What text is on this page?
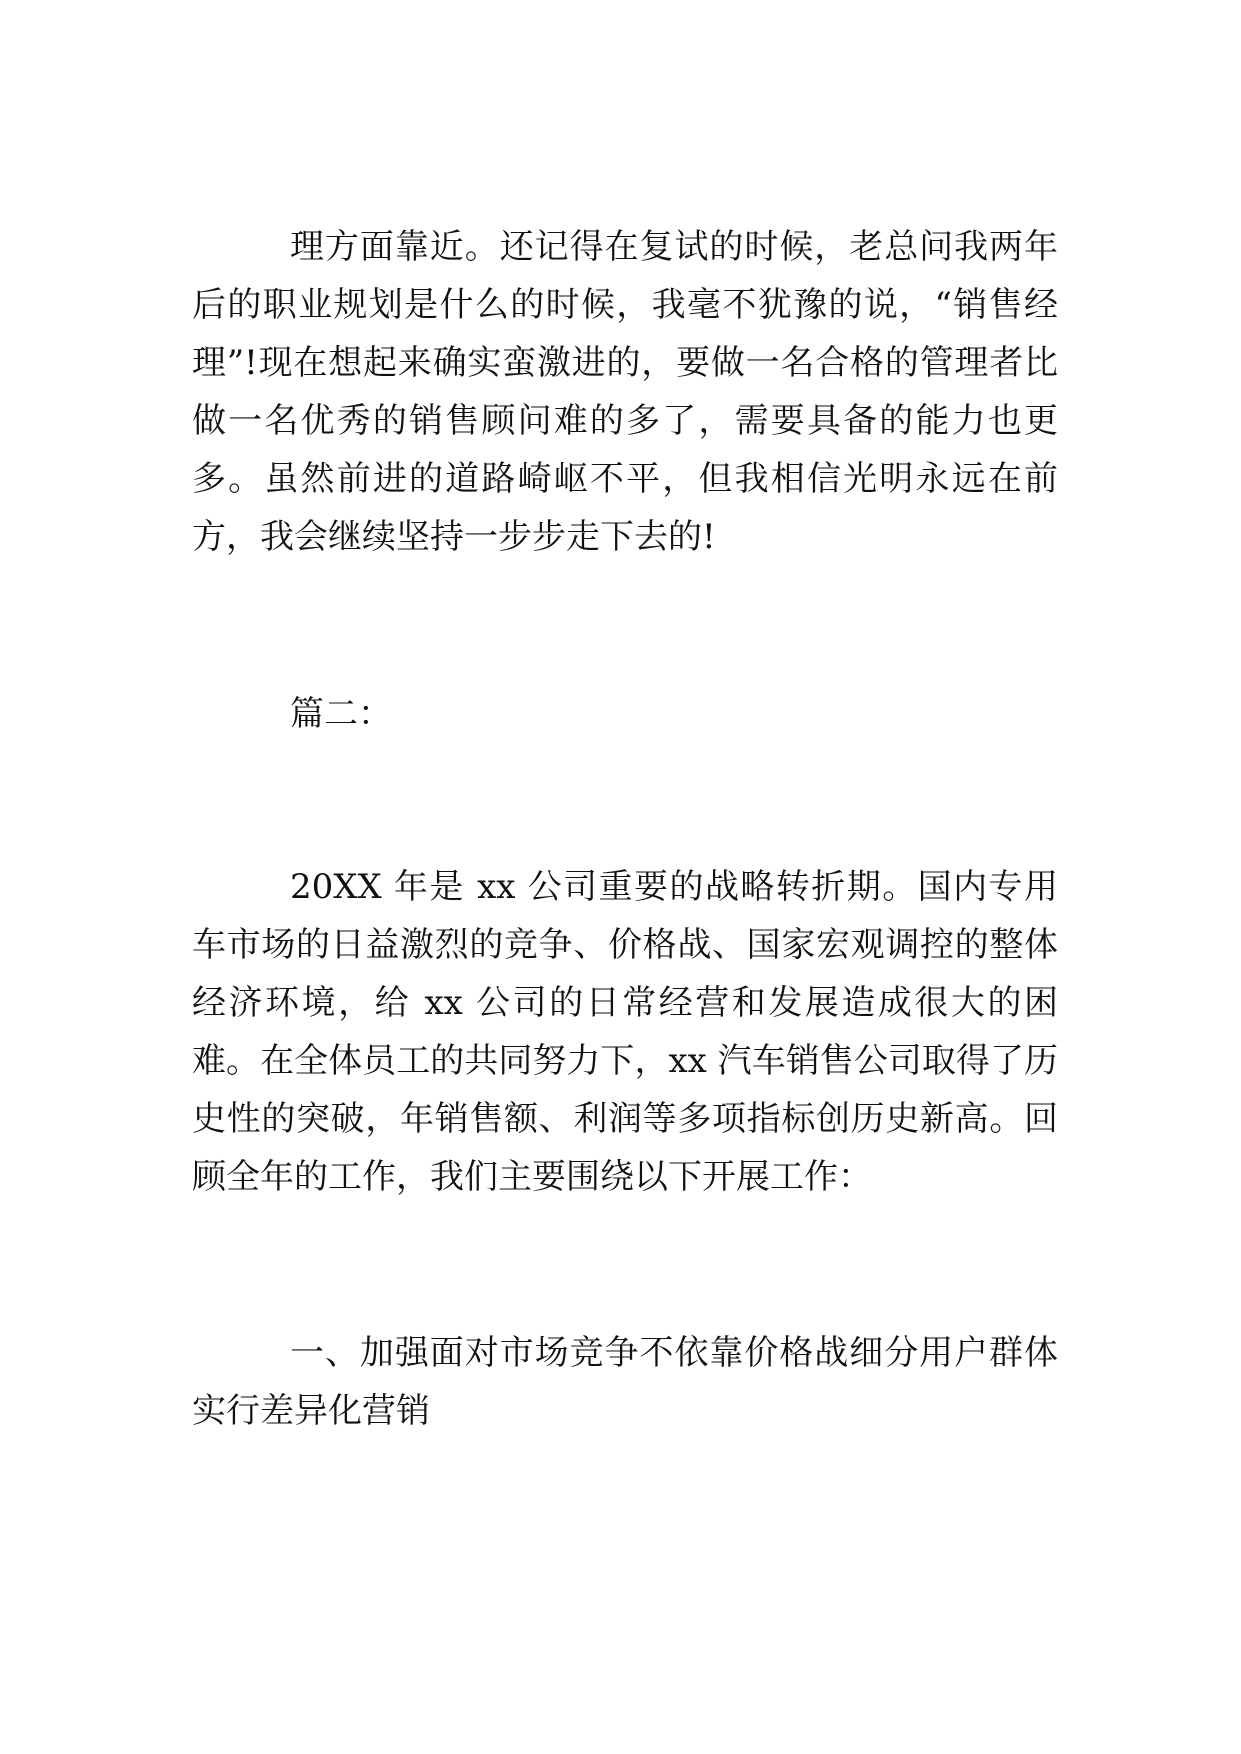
理方面靠近。还记得在复试的时候，老总问我两年后的职业规划是什么的时候，我毫不犹豫的说，“销售经理”!现在想起来确实蛮激进的，要做一名合格的管理者比做一名优秀的销售顾问难的多了，需要具备的能力也更多。虽然前进的道路崎岖不平，但我相信光明永远在前方，我会继续坚持一步步走下去的!

篇二：

20XX 年是 xx 公司重要的战略转折期。国内专用车市场的日益激烈的竞争、价格战、国家宏观调控的整体经济环境，给 xx 公司的日常经营和发展造成很大的困难。在全体员工的共同努力下，xx 汽车销售公司取得了历史性的突破，年销售额、利润等多项指标创历史新高。回顾全年的工作，我们主要围绕以下开展工作：

一、加强面对市场竞争不依靠价格战细分用户群体实行差异化营销
